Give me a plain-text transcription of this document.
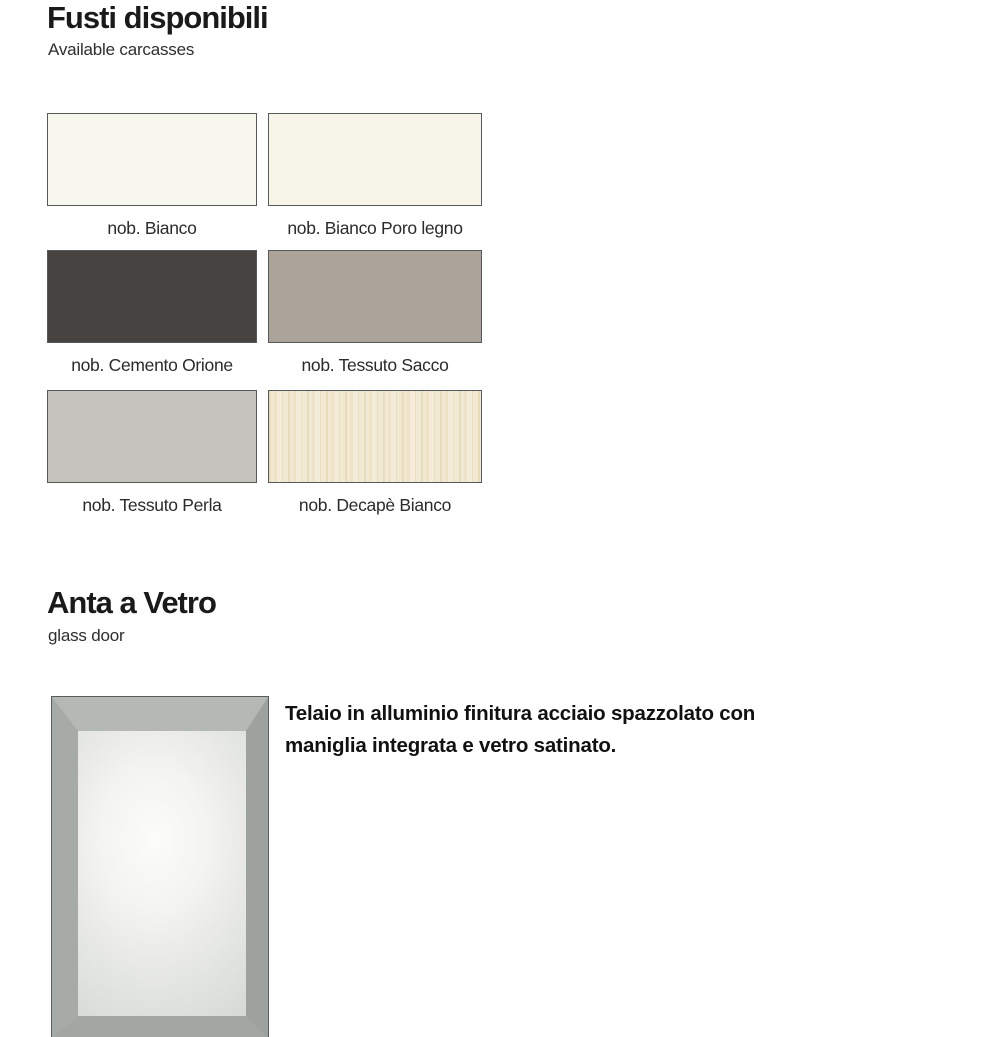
Fusti disponibili
Available carcasses
nob. Bianco	nob. Bianco Poro legno
nob. Cemento Orione	nob. Tessuto Sacco
nob. Tessuto Perla	nob. Decapè Bianco
Anta a Vetro
glass door
Telaio in alluminio finitura acciaio spazzolato con maniglia integrata e vetro satinato.
